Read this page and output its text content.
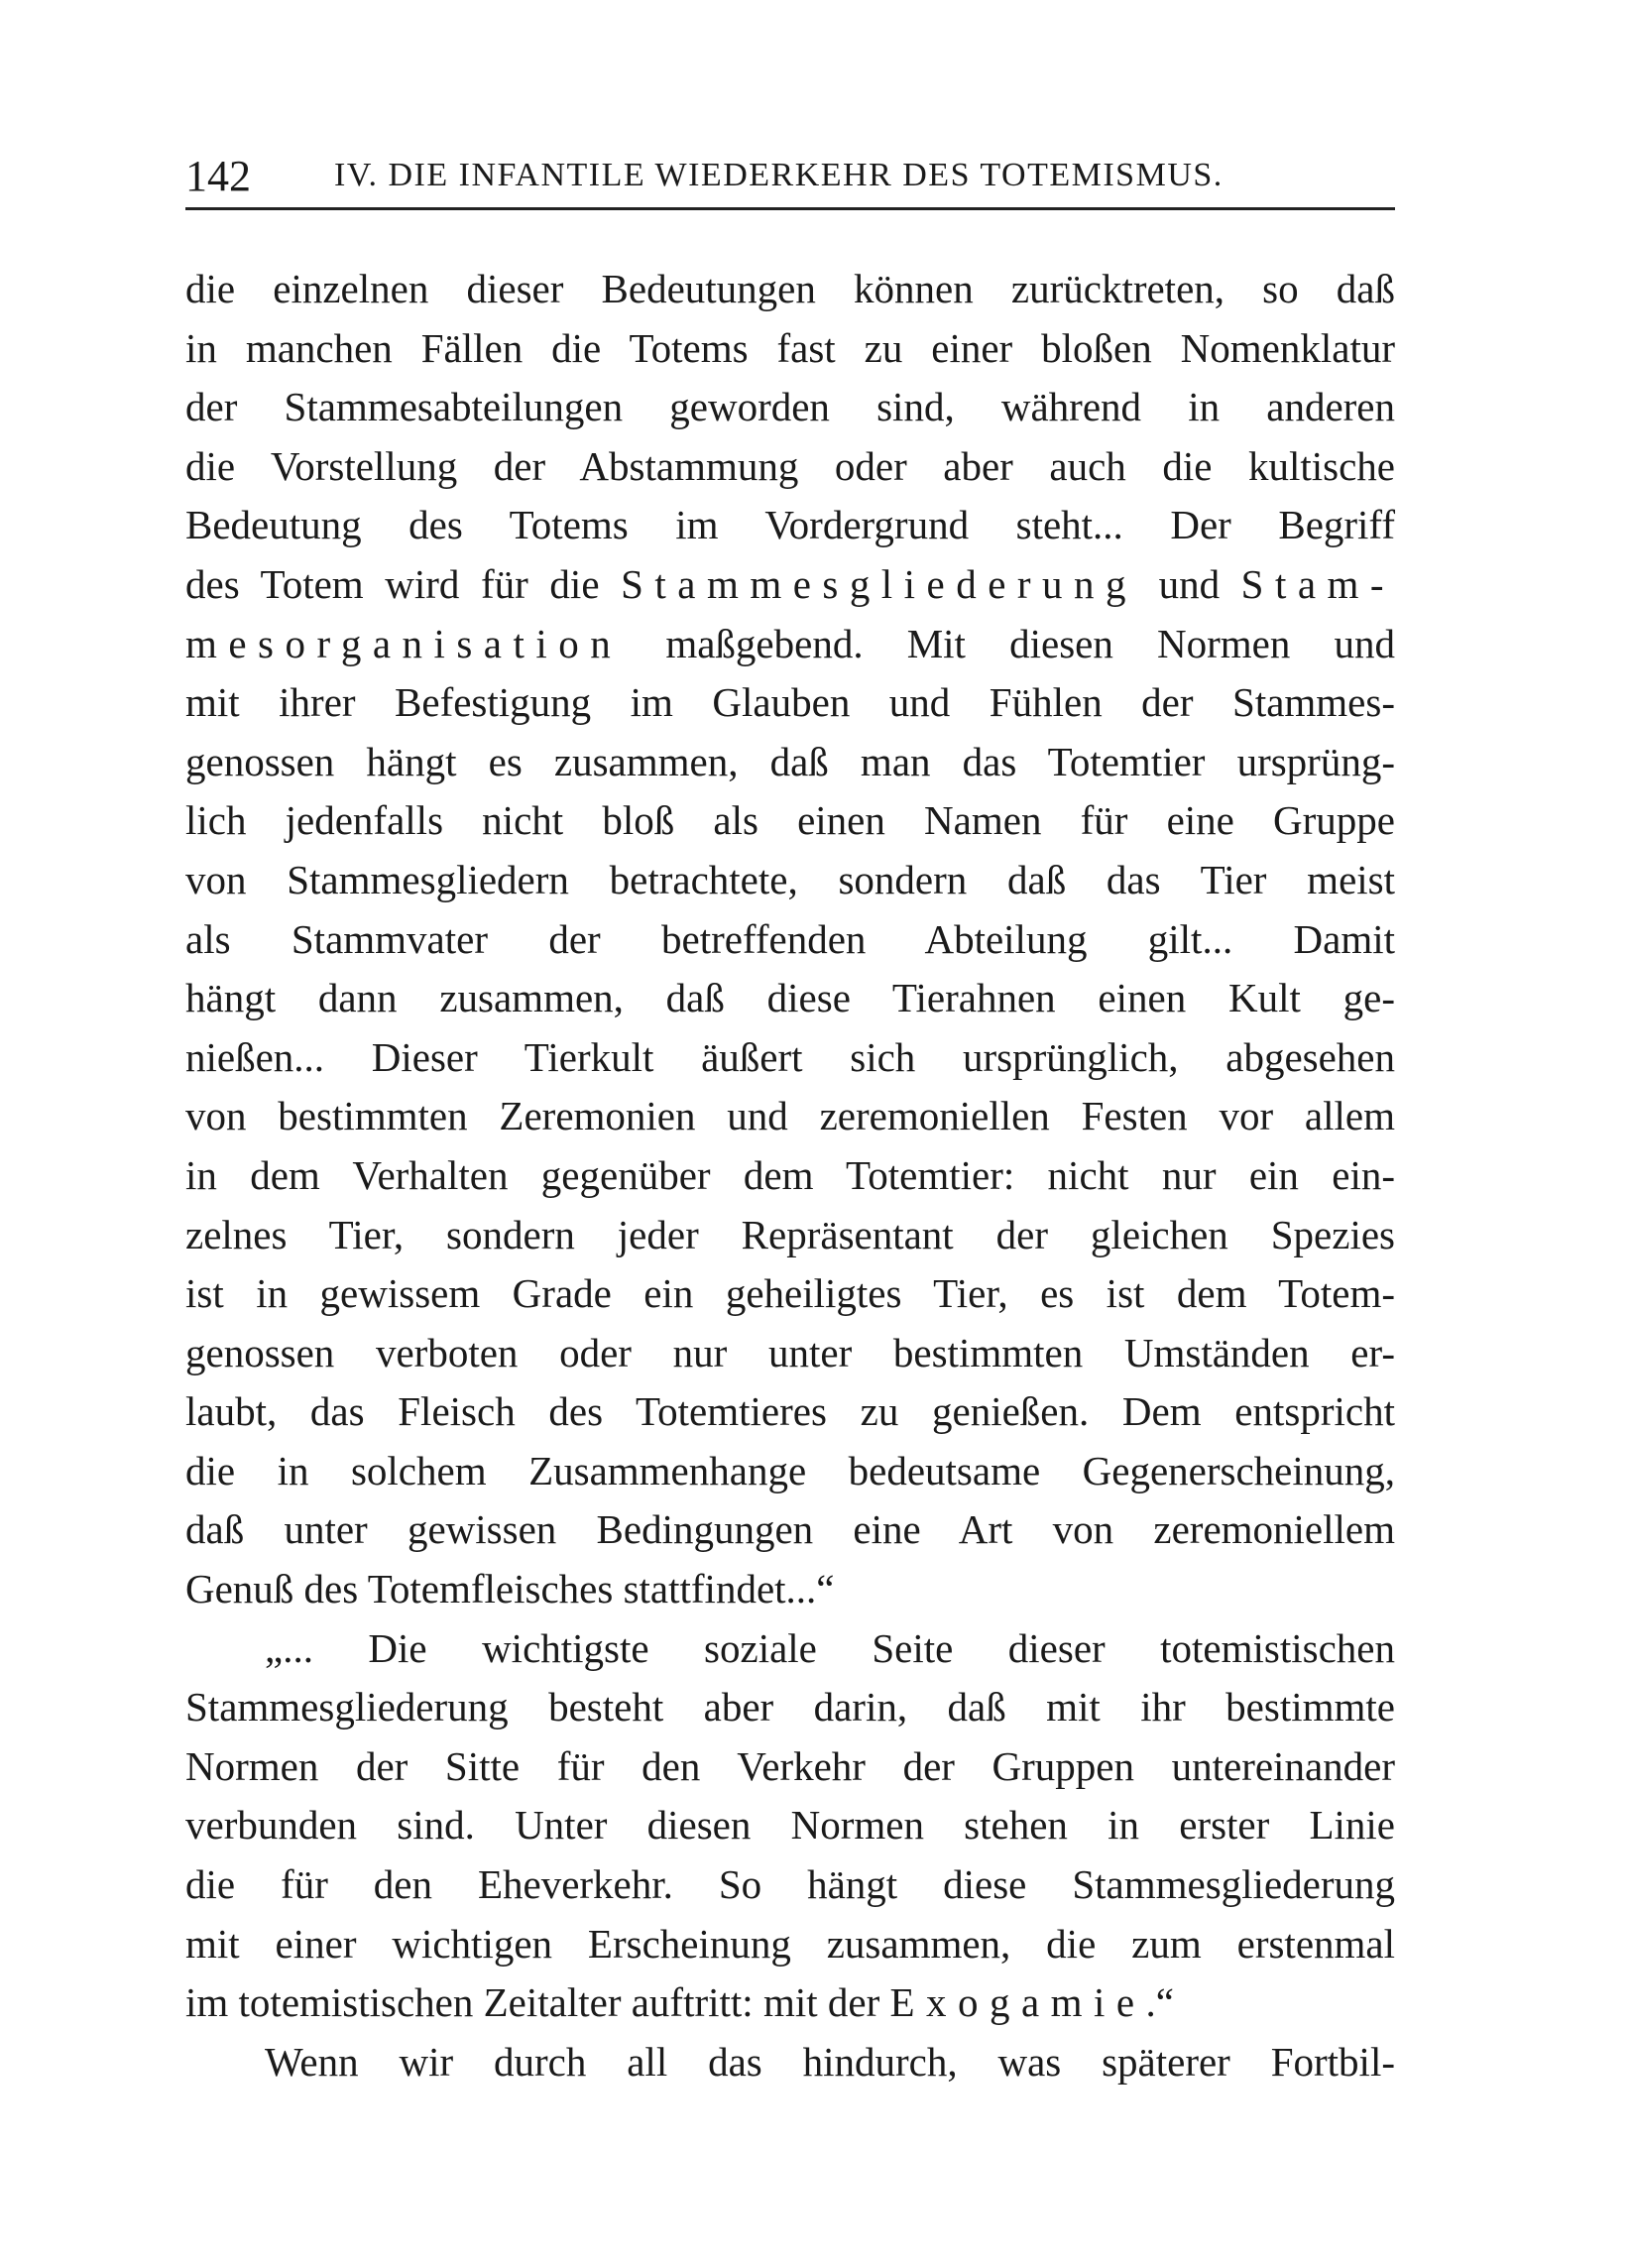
142 IV. DIE INFANTILE WIEDERKEHR DES TOTEMISMUS.
die einzelnen dieser Bedeutungen können zurücktreten, so daß
in manchen Fällen die Totems fast zu einer bloßen Nomenklatur
der Stammesabteilungen geworden sind, während in anderen
die Vorstellung der Abstammung oder aber auch die kultische
Bedeutung des Totems im Vordergrund steht... Der Begriff
des Totem wird für die Stammesgliederung und Stam-
mesorganisation maßgebend. Mit diesen Normen und
mit ihrer Befestigung im Glauben und Fühlen der Stammes-
genossen hängt es zusammen, daß man das Totemtier ursprüng-
lich jedenfalls nicht bloß als einen Namen für eine Gruppe
von Stammesgliedern betrachtete, sondern daß das Tier meist
als Stammvater der betreffenden Abteilung gilt... Damit
hängt dann zusammen, daß diese Tierahnen einen Kult ge-
nießen... Dieser Tierkult äußert sich ursprünglich, abgesehen
von bestimmten Zeremonien und zeremoniellen Festen vor allem
in dem Verhalten gegenüber dem Totemtier: nicht nur ein ein-
zelnes Tier, sondern jeder Repräsentant der gleichen Spezies
ist in gewissem Grade ein geheiligtes Tier, es ist dem Totem-
genossen verboten oder nur unter bestimmten Umständen er-
laubt, das Fleisch des Totemtieres zu genießen. Dem entspricht
die in solchem Zusammenhange bedeutsame Gegenerscheinung,
daß unter gewissen Bedingungen eine Art von zeremoniellem
Genuß des Totemfleisches stattfindet...“
„... Die wichtigste soziale Seite dieser totemistischen
Stammesgliederung besteht aber darin, daß mit ihr bestimmte
Normen der Sitte für den Verkehr der Gruppen untereinander
verbunden sind. Unter diesen Normen stehen in erster Linie
die für den Eheverkehr. So hängt diese Stammesgliederung
mit einer wichtigen Erscheinung zusammen, die zum erstenmal
im totemistischen Zeitalter auftritt: mit der Exogamie.“
Wenn wir durch all das hindurch, was späterer Fortbil-
